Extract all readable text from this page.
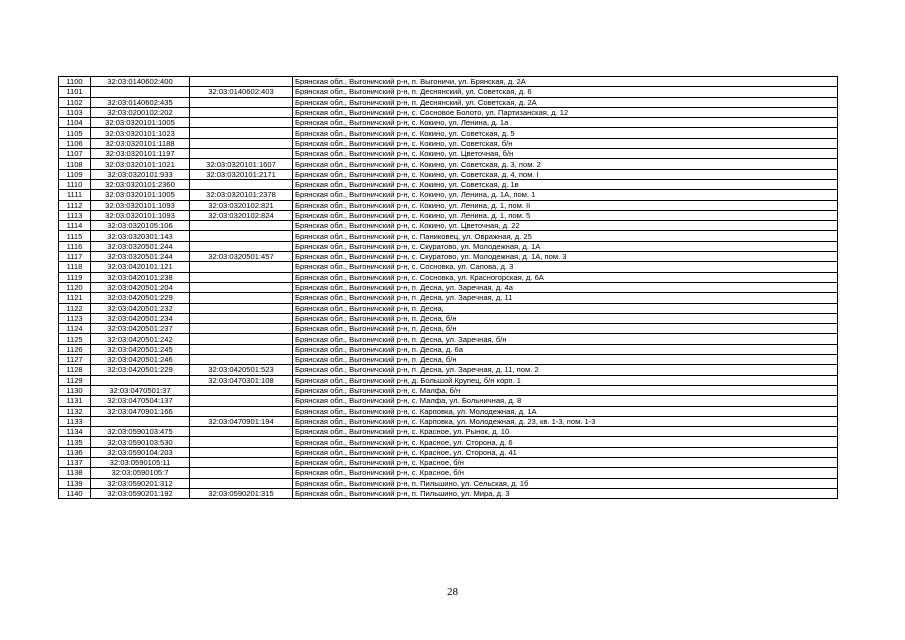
1100	32:03:0140602:400		Брянская обл., Выгоничский р-н, п. Выгоничи, ул. Брянская, д. 2А
1101		32:03:0140602:403	Брянская обл., Выгоничский р-н, п. Деснянский, ул. Советская, д. 6
1102	32:03:0140602:435		Брянская обл., Выгоничский р-н, п. Деснянский, ул. Советская, д. 2А
1103	32:03:0200102:202		Брянская обл., Выгоничский р-н, с. Сосновое Болото, ул. Партизанская, д. 12
1104	32:03:0320101:1005		Брянская обл., Выгоничский р-н, с. Кокино, ул. Ленина, д. 1а
1105	32:03:0320101:1023		Брянская обл., Выгоничский р-н, с. Кокино, ул. Советская, д. 5
1106	32:03:0320101:1188		Брянская обл., Выгоничский р-н, с. Кокино, ул. Советская, б/н
1107	32:03:0320101:1197		Брянская обл., Выгоничский р-н, с. Кокино, ул. Цветочная, б/н
1108	32:03:0320101:1021	32:03:0320101:1607	Брянская обл., Выгоничский р-н, с. Кокино, ул. Советская, д. 3, пом. 2
1109	32:03:0320101:933	32:03:0320101:2171	Брянская обл., Выгоничский р-н, с. Кокино, ул. Советская, д. 4, пом. I
1110	32:03:0320101:2360		Брянская обл., Выгоничский р-н, с. Кокино, ул. Советская, д. 1в
1111	32:03:0320101:1005	32:03:0320101:2378	Брянская обл., Выгоничский р-н, с. Кокино, ул. Ленина, д. 1А, пом. 1
1112	32:03:0320101:1093	32:03:0320102:821	Брянская обл., Выгоничский р-н, с. Кокино, ул. Ленина, д. 1, пом. II
1113	32:03:0320101:1093	32:03:0320102:824	Брянская обл., Выгоничский р-н, с. Кокино, ул. Ленина, д. 1, пом. 5
1114	32:03:0320105:106		Брянская обл., Выгоничский р-н, с. Кокино, ул. Цветочная, д. 22
1115	32:03:0320301:143		Брянская обл., Выгоничский р-н, с. Паниковец, ул. Овражная, д. 25
1116	32:03:0320501:244		Брянская обл., Выгоничский р-н, с. Скуратово, ул. Молодежная, д. 1А
1117	32:03:0320501:244	32:03:0320501:457	Брянская обл., Выгоничский р-н, с. Скуратово, ул. Молодежная, д. 1А, пом. 3
1118	32:03:0420101:121		Брянская обл., Выгоничский р-н, с. Сосновка, ул. Сапова, д. 3
1119	32:03:0420101:238		Брянская обл., Выгоничский р-н, с. Сосновка, ул. Красногорская, д. 6А
1120	32:03:0420501:204		Брянская обл., Выгоничский р-н, п. Десна, ул. Заречная, д. 4а
1121	32:03:0420501:229		Брянская обл., Выгоничский р-н, п. Десна, ул. Заречная, д. 11
1122	32:03:0420501:232		Брянская обл., Выгоничский р-н, п. Десна,
1123	32:03:0420501:234		Брянская обл., Выгоничский р-н, п. Десна, б/н
1124	32:03:0420501:237		Брянская обл., Выгоничский р-н, п. Десна, б/н
1125	32:03:0420501:242		Брянская обл., Выгоничский р-н, п. Десна, ул. Заречная, б/н
1126	32:03:0420501:245		Брянская обл., Выгоничский р-н, п. Десна, д. 6а
1127	32:03:0420501:246		Брянская обл., Выгоничский р-н, п. Десна, б/н
1128	32:03:0420501:229	32:03:0420501:523	Брянская обл., Выгоничский р-н, п. Десна, ул. Заречная, д. 11, пом. 2
1129		32:03:0470301:108	Брянская обл., Выгоничский р-н, д. Большой Крупец, б/н корп. 1
1130	32:03:0470501:37		Брянская обл., Выгоничский р-н, с. Малфа, б/н
1131	32:03:0470504:137		Брянская обл., Выгоничский р-н, с. Малфа, ул. Больничная, д. 8
1132	32:03:0470901:166		Брянская обл., Выгоничский р-н, с. Карповка, ул. Молодежная, д. 1А
1133		32:03:0470901:194	Брянская обл., Выгоничский р-н, с. Карповка, ул. Молодежная, д. 23, кв. 1-3, пом. 1-3
1134	32:03:0590103:475		Брянская обл., Выгоничский р-н, с. Красное, ул. Рынок, д. 10
1135	32:03:0590103:530		Брянская обл., Выгоничский р-н, с. Красное, ул. Сторона, д. 6
1136	32:03:0590104:203		Брянская обл., Выгоничский р-н, с. Красное, ул. Сторона, д. 41
1137	32:03:0590105:11		Брянская обл., Выгоничский р-н, с. Красное, б/н
1138	32:03:0590105:7		Брянская обл., Выгоничский р-н, с. Красное, б/н
1139	32:03:0590201:312		Брянская обл., Выгоничский р-н, п. Пильшино, ул. Сельская, д. 1б
1140	32:03:0590201:192	32:03:0590201:315	Брянская обл., Выгоничский р-н, п. Пильшино, ул. Мира, д. 3
28
